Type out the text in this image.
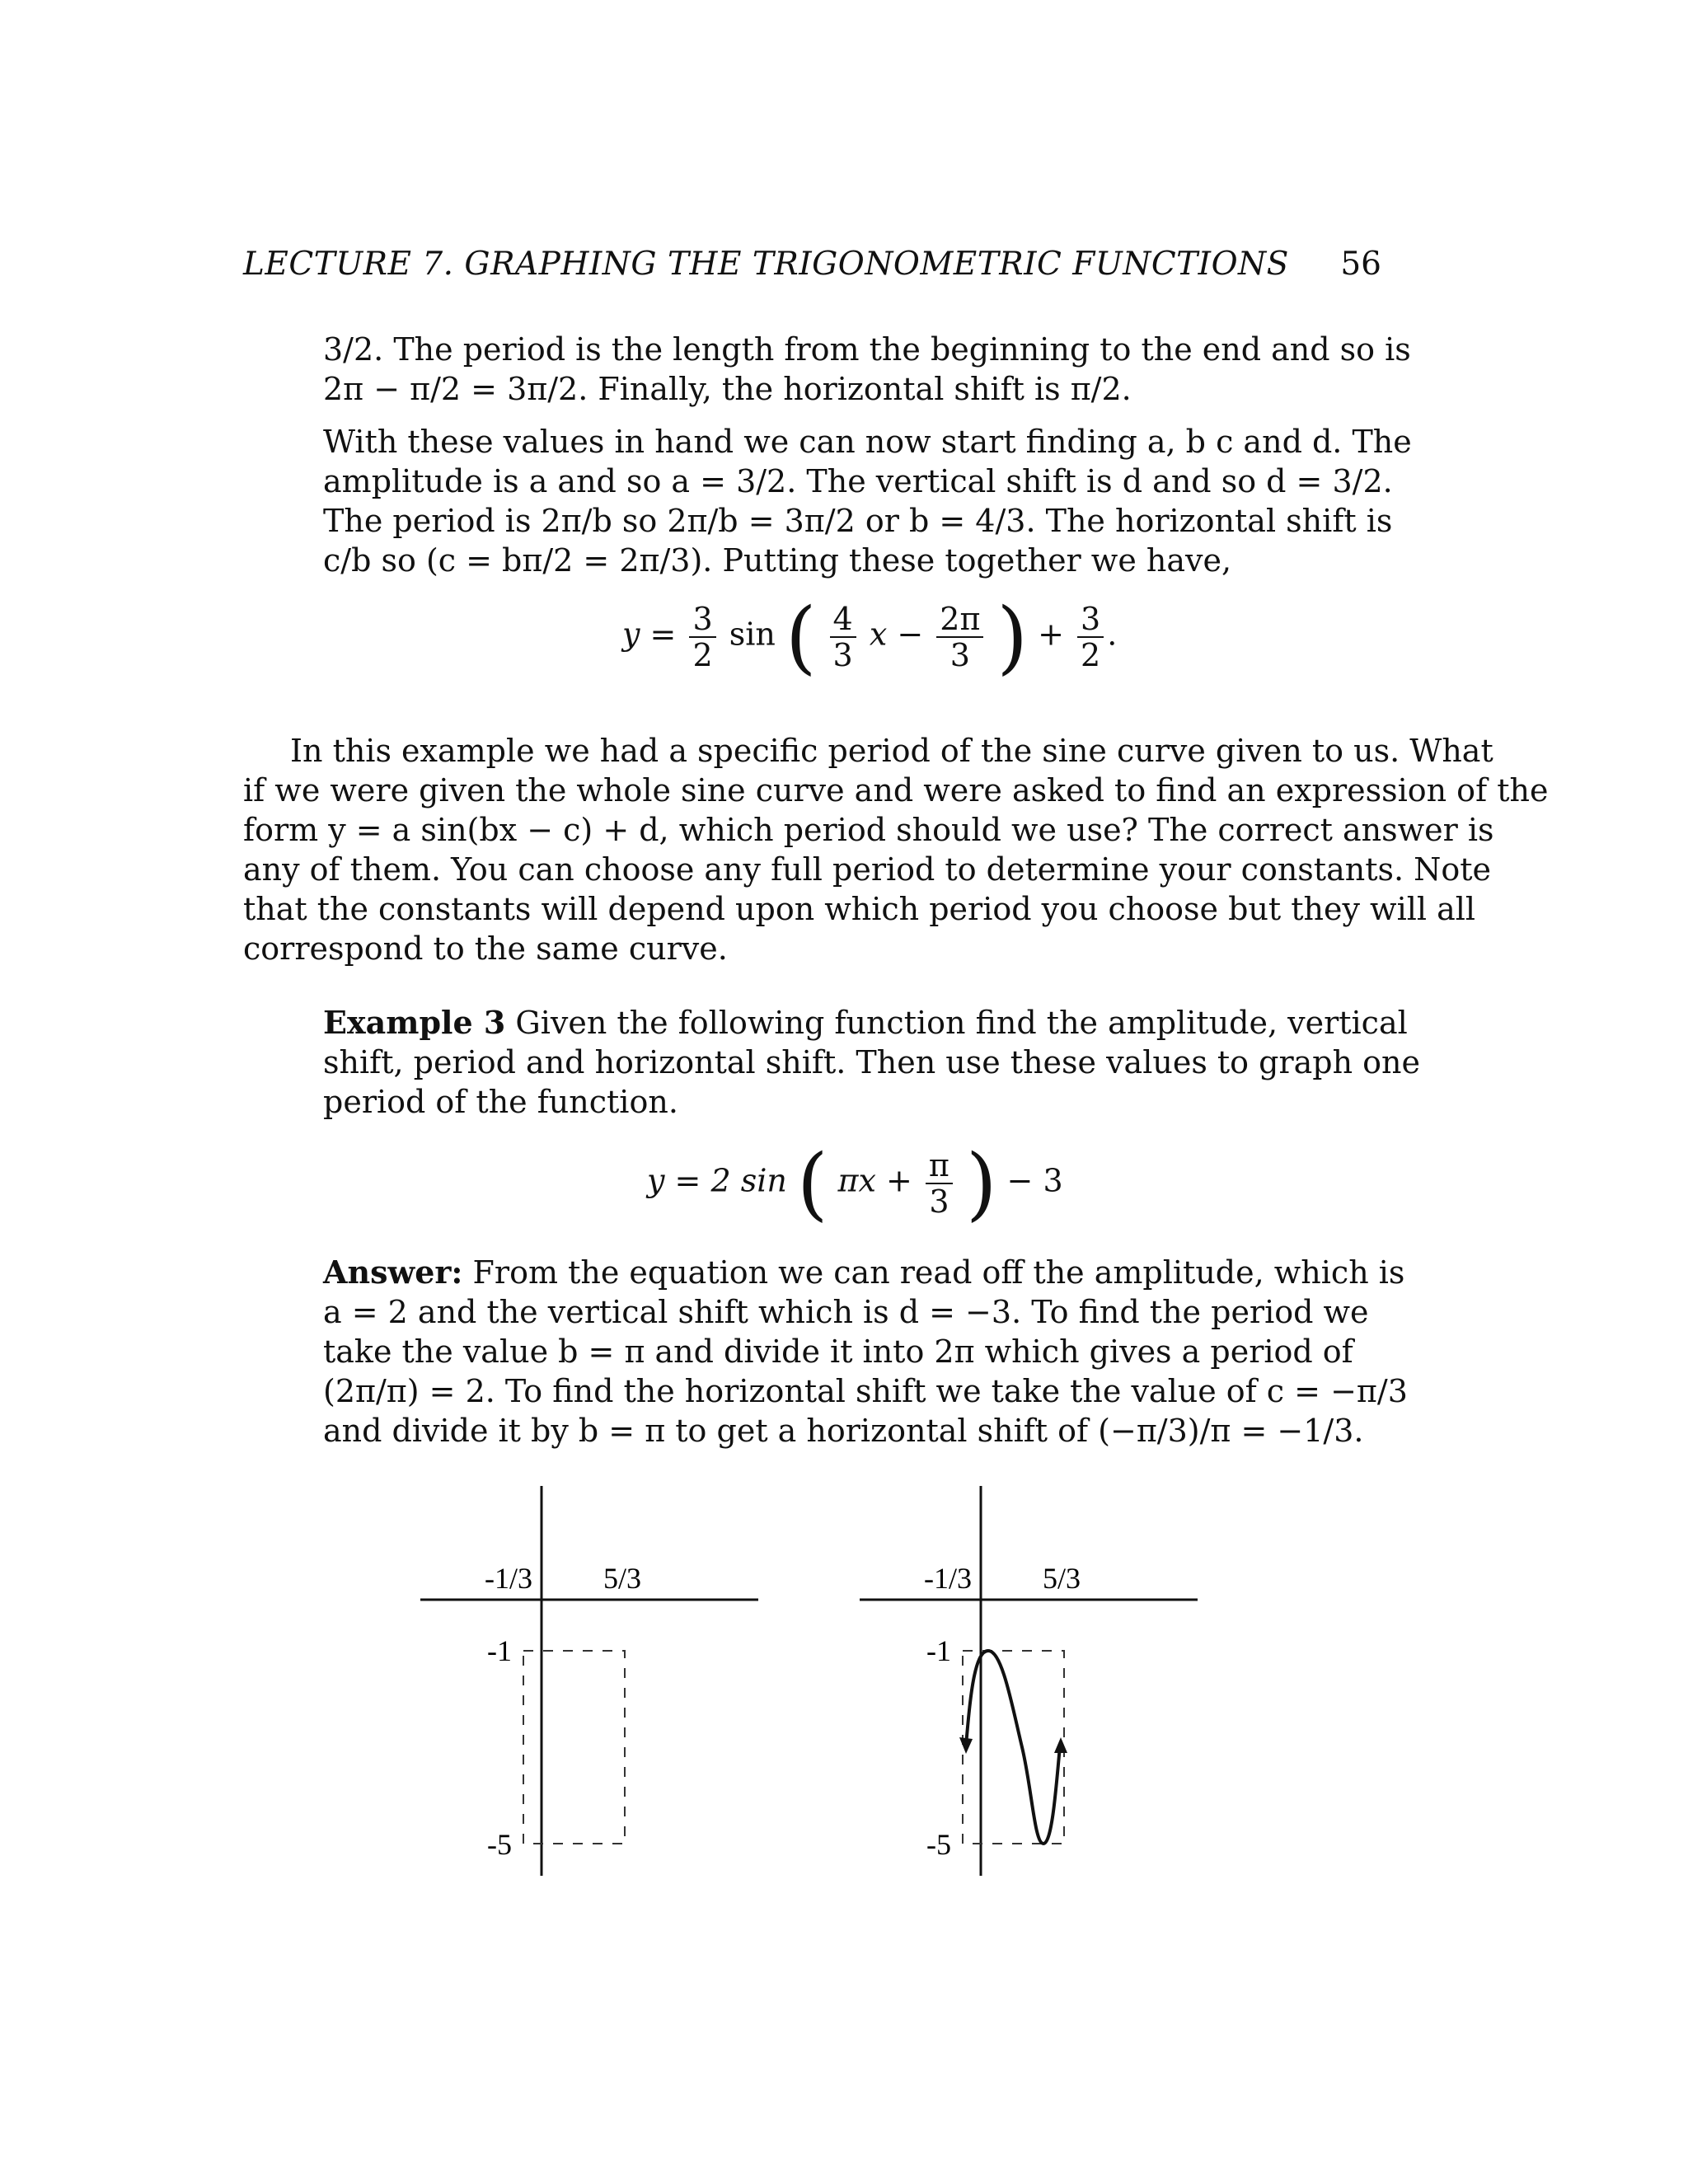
LECTURE 7. GRAPHING THE TRIGONOMETRIC FUNCTIONS 56
3/2. The period is the length from the beginning to the end and so is
2π − π/2 = 3π/2. Finally, the horizontal shift is π/2.
With these values in hand we can now start finding a, b c and d. The
amplitude is a and so a = 3/2. The vertical shift is d and so d = 3/2.
The period is 2π/b so 2π/b = 3π/2 or b = 4/3. The horizontal shift is
c/b so (c = bπ/2 = 2π/3). Putting these together we have,
$y = \frac{3}{2}$ sin ( $\frac{4}{3}$ $x - \frac{2\pi}{3}$ ) + $\frac{3}{2}$ .
In this example we had a specific period of the sine curve given to us. What
if we were given the whole sine curve and were asked to find an expression of the
form y = a sin(bx − c) + d, which period should we use? The correct answer is
any of them. You can choose any full period to determine your constants. Note
that the constants will depend upon which period you choose but they will all
correspond to the same curve.
Example 3 Given the following function find the amplitude, vertical
shift, period and horizontal shift. Then use these values to graph one
period of the function.
y = 2 sin ( $\pi x + \frac{\pi}{3}$ ) − 3
Answer: From the equation we can read off the amplitude, which is
a = 2 and the vertical shift which is d = −3. To find the period we
take the value b = π and divide it into 2π which gives a period of
(2π/π) = 2. To find the horizontal shift we take the value of c = −π/3
and divide it by b = π to get a horizontal shift of (−π/3)/π = −1/3.
-1/3 5/3
-1
-5
-1/3 5/3
-1
-5
